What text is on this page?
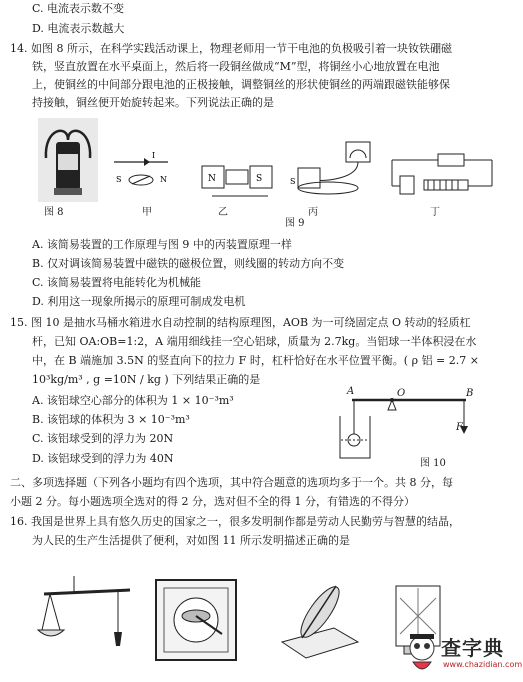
C. 电流表示数不变
D. 电流表示数越大
14. 如图 8 所示，在科学实践活动课上，物理老师用一节干电池的负极吸引着一块钕铁硼磁
铁，竖直放置在水平桌面上，然后将一段铜丝做成“M”型，将铜丝小心地放置在电池
上，使铜丝的中间部分跟电池的正极接触，调整铜丝的形状使铜丝的两端跟磁铁能够保
持接触，铜丝便开始旋转起来。下列说法正确的是
图 8
I
S	N
甲
N	S
乙
S
丙
图 9
丁
A. 该简易装置的工作原理与图 9 中的丙装置原理一样
B. 仅对调该简易装置中磁铁的磁极位置，则线圈的转动方向不变
C. 该简易装置将电能转化为机械能
D. 利用这一现象所揭示的原理可制成发电机
15. 图 10 是抽水马桶水箱进水自动控制的结构原理图，AOB 为一可绕固定点 O 转动的轻质杠
杆，已知 OA:OB=1:2，A 端用细线挂一空心铝球，质量为 2.7kg。当铝球一半体积浸在水
中，在 B 端施加 3.5N 的竖直向下的拉力 F 时，杠杆恰好在水平位置平衡。( ρ 铝 = 2.7 ×
10³kg/m³ , g =10N / kg ) 下列结果正确的是
A. 该铝球空心部分的体积为 1 × 10⁻³m³
B. 该铝球的体积为 3 × 10⁻³m³
C. 该铝球受到的浮力为 20N
D. 该铝球受到的浮力为 40N
A	O	B
F
图 10
二、多项选择题（下列各小题均有四个选项，其中符合题意的选项均多于一个。共 8 分，每
小题 2 分。每小题选项全选对的得 2 分，选对但不全的得 1 分，有错选的不得分）
16. 我国是世界上具有悠久历史的国家之一，很多发明制作都是劳动人民勤劳与智慧的结晶，
为人民的生产生活提供了便利，对如图 11 所示发明描述正确的是
查字典
www.chazidian.com
